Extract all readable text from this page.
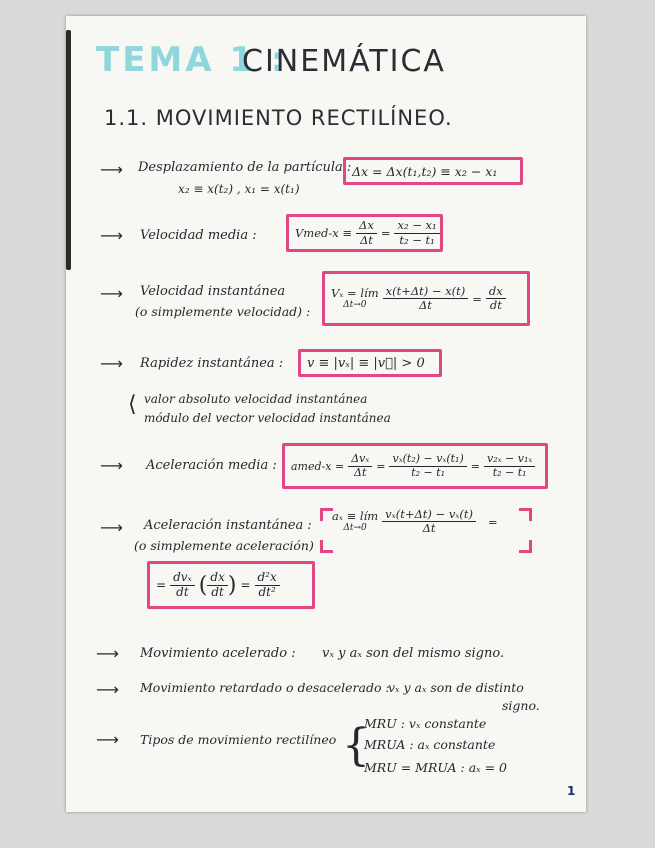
TEMA 1 :
CINEMÁTICA
1.1. MOVIMIENTO RECTILÍNEO.
⟶ Desplazamiento de la partícula :
x₂ ≡ x(t₂) , x₁ = x(t₁)
Δx = Δx(t₁,t₂) ≡ x₂ − x₁
⟶ Velocidad media :	Vmed-x ≡ $\frac{\Delta x}{\Delta t} = \frac{\text{x₂ − x₁}}{\text{t₂ − t₁}}$
⟶ Velocidad instantánea
(o simplemente velocidad) :
Vₓ = lím
$\Delta t\to 0 \frac{x(t+\Delta t) - x(t)}{\Delta t} = \frac{dx}{dt}$
⟶ Rapidez instantánea : v ≡ |vₓ| ≡ |v⃗| > 0
⟨ valor absoluto velocidad instantánea
módulo del vector velocidad instantánea
⟶ Aceleración media : amed-x = $\frac{\text{Δvₓ}}{\Delta t} = \frac{\text{vₓ(t₂) − vₓ(t₁)}}{\text{t₂ − t₁}} = \frac{\text{v₂ₓ − v₁ₓ}}{\text{t₂ − t₁}}$
⟶ Aceleración instantánea :
(o simplemente aceleración)
aₓ ≡ lím
$\Delta t\to 0 \frac{\text{vₓ(t+Δt) − vₓ(t)}}{\Delta t}$ =
= $\frac{\text{dvₓ}}{dt}$ ( $\frac{dx}{dt}$ ) = $\frac{\text{d²x}}{\text{dt²}}$
⟶ Movimiento acelerado : vₓ y aₓ son del mismo signo.
⟶ Movimiento retardado o desacelerado :
vₓ y aₓ son de distinto
signo.
⟶ Tipos de movimiento rectilíneo {
MRU : vₓ constante
MRUA : aₓ constante
MRU = MRUA : aₓ = 0
1
